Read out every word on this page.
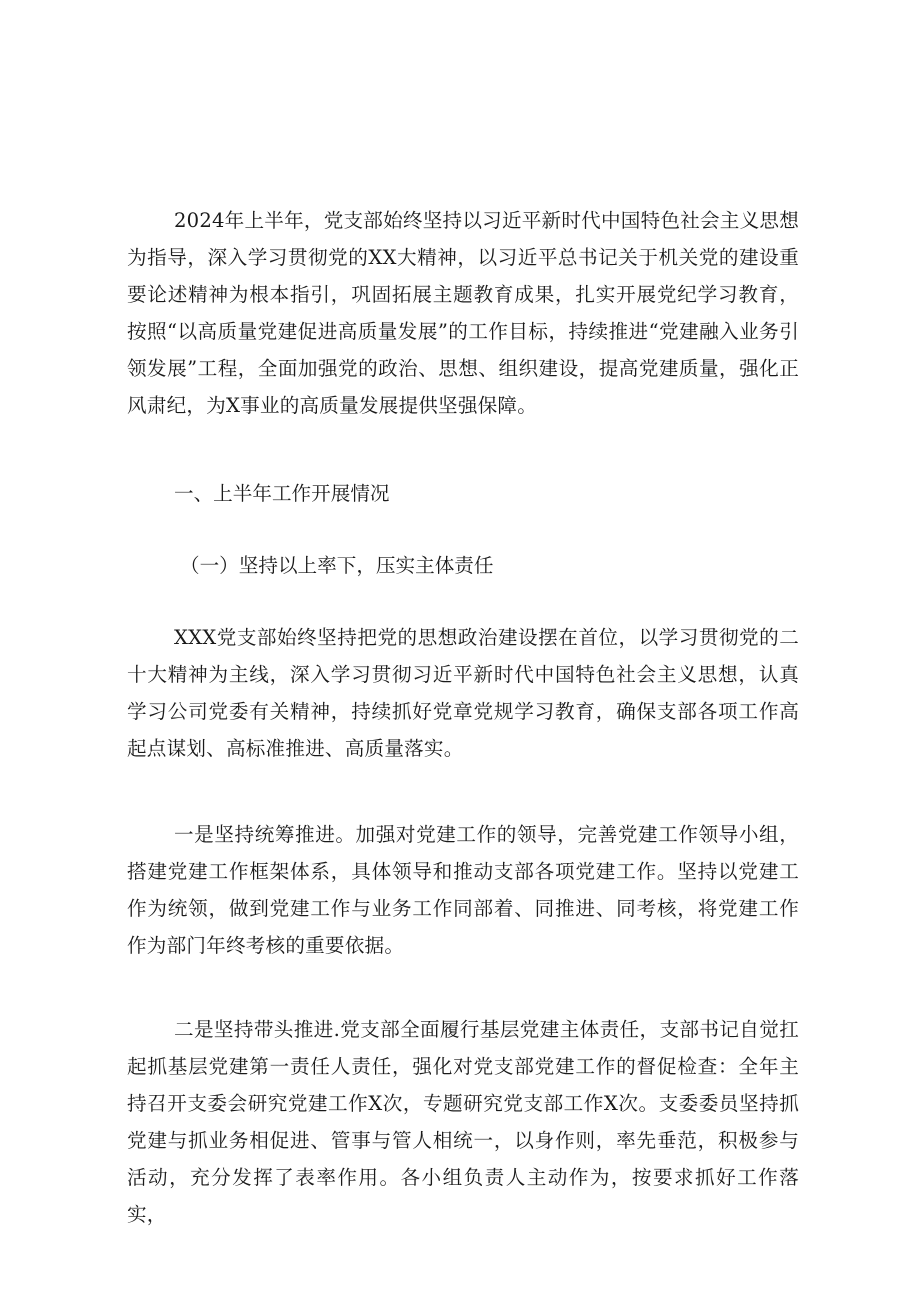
2024年上半年，党支部始终坚持以习近平新时代中国特色社会主义思想为指导，深入学习贯彻党的XX大精神，以习近平总书记关于机关党的建设重要论述精神为根本指引，巩固拓展主题教育成果，扎实开展党纪学习教育，按照“以高质量党建促进高质量发展”的工作目标，持续推进“党建融入业务引领发展”工程，全面加强党的政治、思想、组织建设，提高党建质量，强化正风肃纪，为X事业的高质量发展提供坚强保障。

一、上半年工作开展情况

（一）坚持以上率下，压实主体责任

XXX党支部始终坚持把党的思想政治建设摆在首位，以学习贯彻党的二十大精神为主线，深入学习贯彻习近平新时代中国特色社会主义思想，认真学习公司党委有关精神，持续抓好党章党规学习教育，确保支部各项工作高起点谋划、高标准推进、高质量落实。

一是坚持统筹推进。加强对党建工作的领导，完善党建工作领导小组，搭建党建工作框架体系，具体领导和推动支部各项党建工作。坚持以党建工作为统领，做到党建工作与业务工作同部着、同推进、同考核，将党建工作作为部门年终考核的重要依据。

二是坚持带头推进.党支部全面履行基层党建主体责任，支部书记自觉扛起抓基层党建第一责任人责任，强化对党支部党建工作的督促检查：全年主持召开支委会研究党建工作X次，专题研究党支部工作X次。支委委员坚持抓党建与抓业务相促进、管事与管人相统一，以身作则，率先垂范，积极参与活动，充分发挥了表率作用。各小组负责人主动作为，按要求抓好工作落实，
